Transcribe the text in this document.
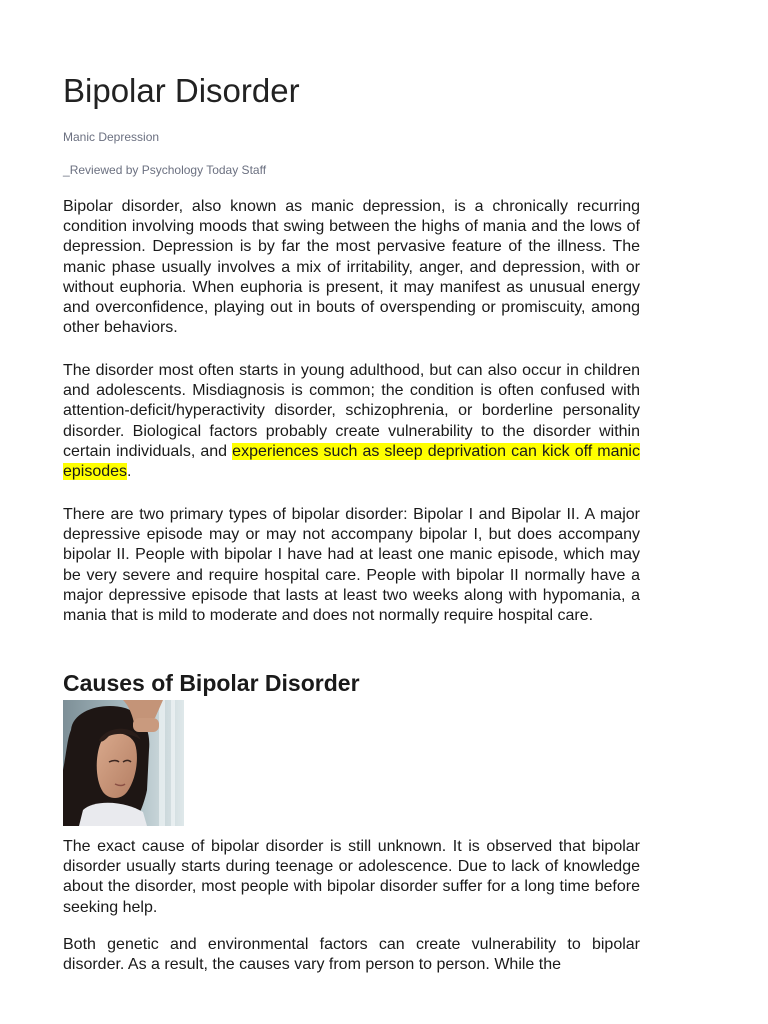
Bipolar Disorder
Manic Depression
_Reviewed by Psychology Today Staff

Bipolar disorder, also known as manic depression, is a chronically recurring condition involving moods that swing between the highs of mania and the lows of depression. Depression is by far the most pervasive feature of the illness. The manic phase usually involves a mix of irritability, anger, and depression, with or without euphoria. When euphoria is present, it may manifest as unusual energy and overconfidence, playing out in bouts of overspending or promiscuity, among other behaviors.

The disorder most often starts in young adulthood, but can also occur in children and adolescents. Misdiagnosis is common; the condition is often confused with attention-deficit/hyperactivity disorder, schizophrenia, or borderline personality disorder. Biological factors probably create vulnerability to the disorder within certain individuals, and experiences such as sleep deprivation can kick off manic episodes.

There are two primary types of bipolar disorder: Bipolar I and Bipolar II. A major depressive episode may or may not accompany bipolar I, but does accompany bipolar II. People with bipolar I have had at least one manic episode, which may be very severe and require hospital care. People with bipolar II normally have a major depressive episode that lasts at least two weeks along with hypomania, a mania that is mild to moderate and does not normally require hospital care.

Causes of Bipolar Disorder

The exact cause of bipolar disorder is still unknown. It is observed that bipolar disorder usually starts during teenage or adolescence. Due to lack of knowledge about the disorder, most people with bipolar disorder suffer for a long time before seeking help.

Both genetic and environmental factors can create vulnerability to bipolar disorder. As a result, the causes vary from person to person. While the
